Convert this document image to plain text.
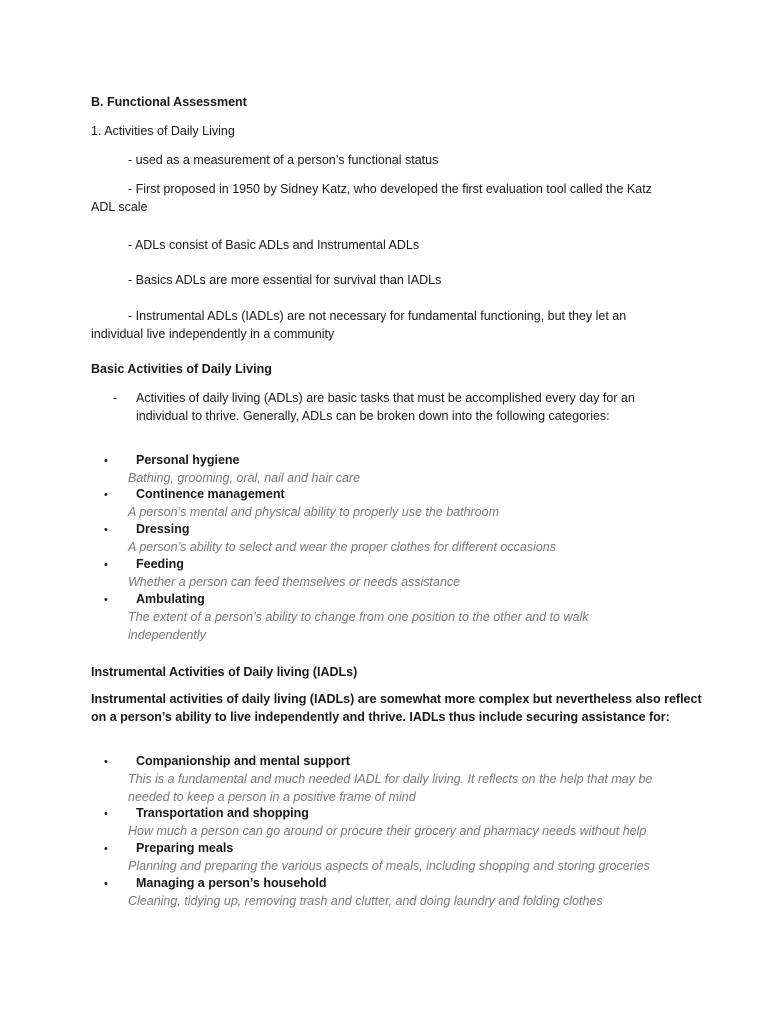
B. Functional Assessment
1. Activities of Daily Living
- used as a measurement of a person’s functional status
- First proposed in 1950 by Sidney Katz, who developed the first evaluation tool called the Katz
ADL scale
- ADLs consist of Basic ADLs and Instrumental ADLs
- Basics ADLs are more essential for survival than IADLs
- Instrumental ADLs (IADLs) are not necessary for fundamental functioning, but they let an
individual live independently in a community
Basic Activities of Daily Living
- Activities of daily living (ADLs) are basic tasks that must be accomplished every day for an
individual to thrive. Generally, ADLs can be broken down into the following categories:
• Personal hygiene
Bathing, grooming, oral, nail and hair care
• Continence management
A person’s mental and physical ability to properly use the bathroom
• Dressing
A person’s ability to select and wear the proper clothes for different occasions
• Feeding
Whether a person can feed themselves or needs assistance
• Ambulating
The extent of a person’s ability to change from one position to the other and to walk
independently
Instrumental Activities of Daily living (IADLs)
Instrumental activities of daily living (IADLs) are somewhat more complex but nevertheless also reflect
on a person’s ability to live independently and thrive. IADLs thus include securing assistance for:
• Companionship and mental support
This is a fundamental and much needed IADL for daily living. It reflects on the help that may be
needed to keep a person in a positive frame of mind
• Transportation and shopping
How much a person can go around or procure their grocery and pharmacy needs without help
• Preparing meals
Planning and preparing the various aspects of meals, including shopping and storing groceries
• Managing a person’s household
Cleaning, tidying up, removing trash and clutter, and doing laundry and folding clothes
